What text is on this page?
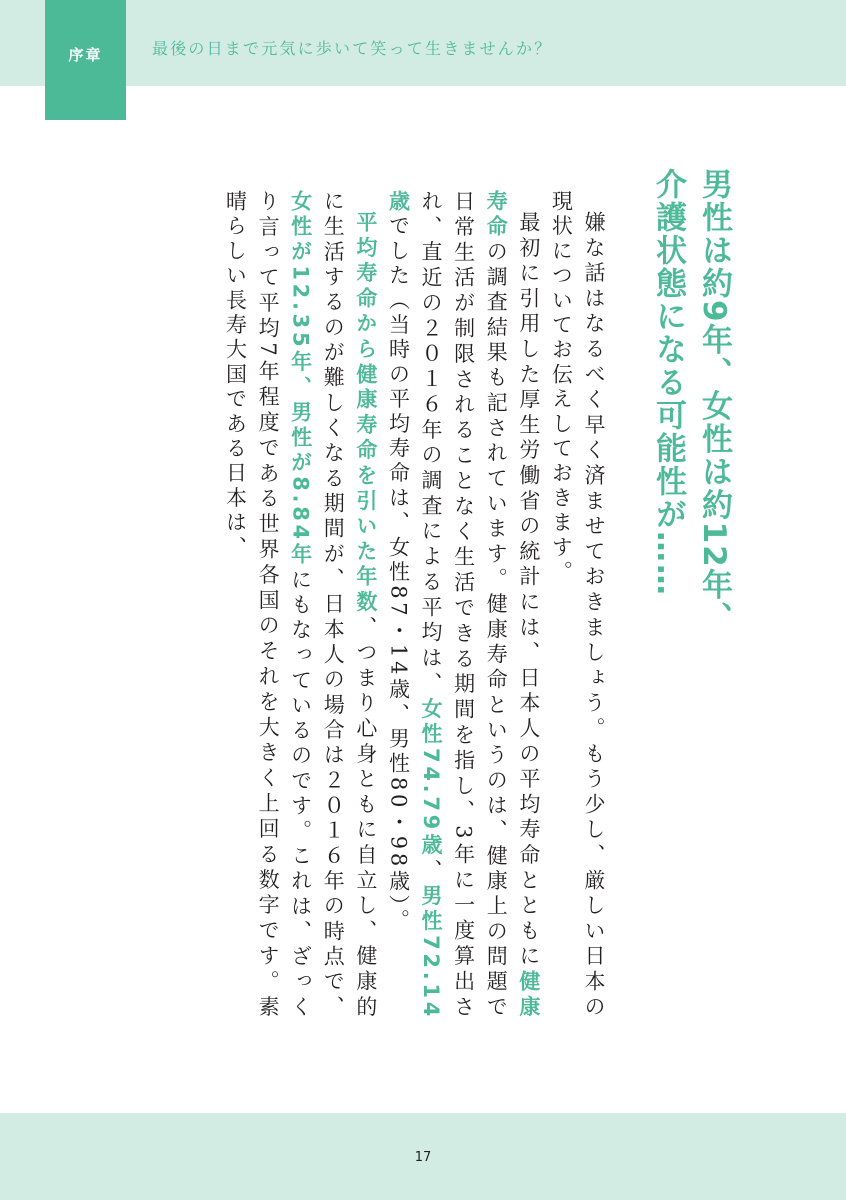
序章	最後の日まで元気に歩いて笑って生きませんか？
男性は約9年、女性は約12年、
介護状態になる可能性が……

嫌な話はなるべく早く済ませておきましょう。もう少し、厳しい日本の現状についてお伝えしておきます。

最初に引用した厚生労働省の統計には、日本人の平均寿命とともに健康寿命の調査結果も記されています。健康寿命というのは、健康上の問題で日常生活が制限されることなく生活できる期間を指し、3年に一度算出され、直近の２０１６年の調査による平均は、女性74.79歳、男性72.14歳でした（当時の平均寿命は、女性87・14歳、男性80・98歳）。

平均寿命から健康寿命を引いた年数、つまり心身ともに自立し、健康的に生活するのが難しくなる期間が、日本人の場合は２０１６年の時点で、女性が12.35年、男性が8.84年にもなっているのです。これは、ざっくり言って平均7年程度である世界各国のそれを大きく上回る数字です。素晴らしい長寿大国である日本は、

17
